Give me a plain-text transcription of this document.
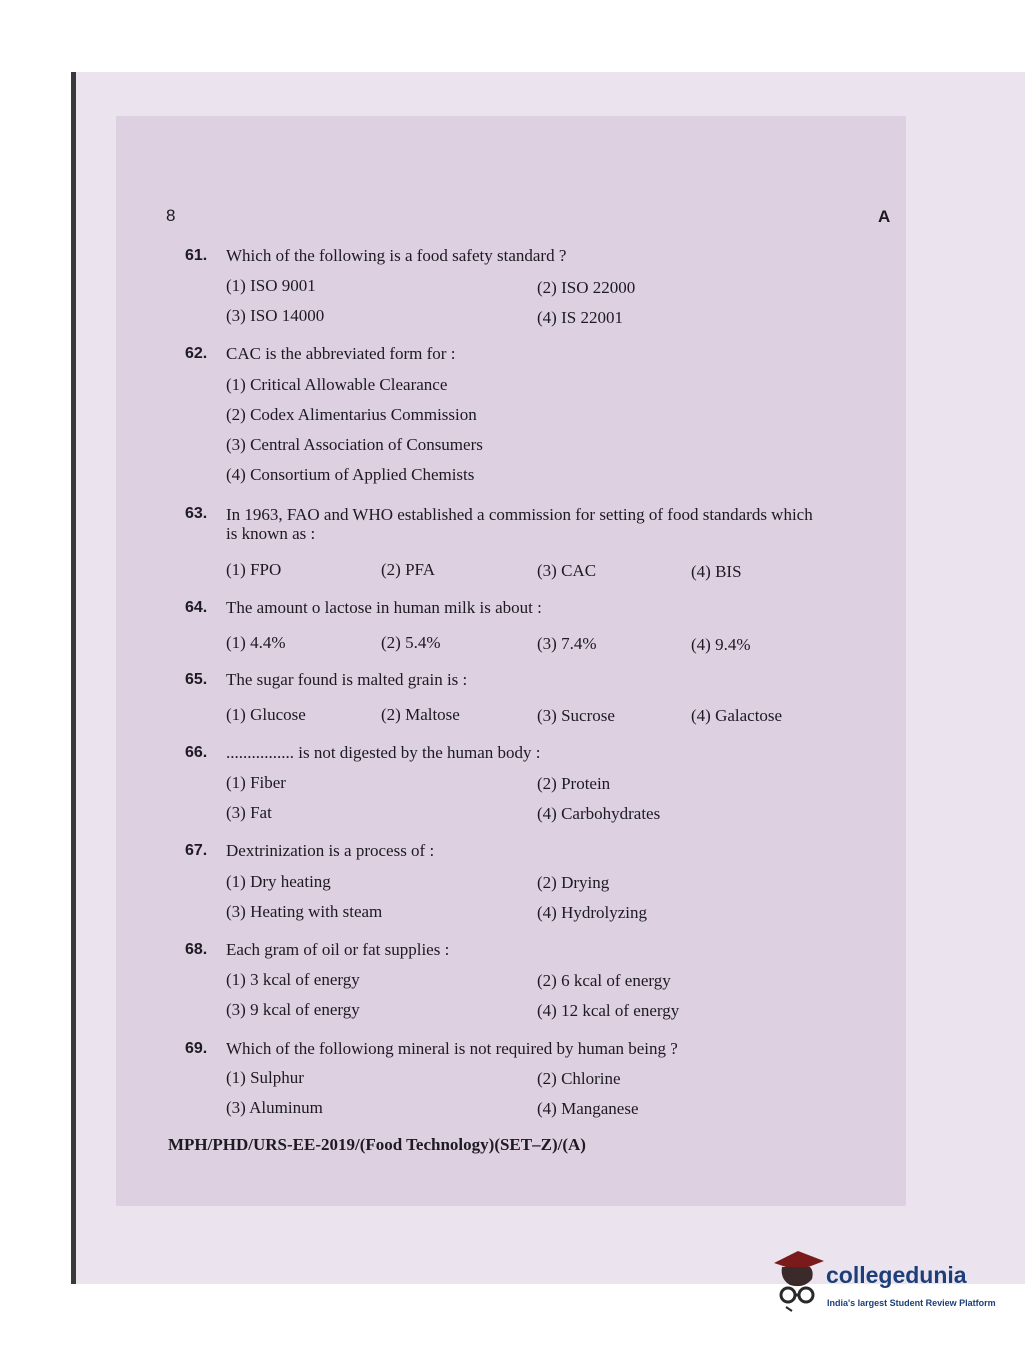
8	A
61. Which of the following is a food safety standard ?
(1) ISO 9001	(2) ISO 22000
(3) ISO 14000	(4) IS 22001
62. CAC is the abbreviated form for :
(1) Critical Allowable Clearance
(2) Codex Alimentarius Commission
(3) Central Association of Consumers
(4) Consortium of Applied Chemists
63. In 1963, FAO and WHO established a commission for setting of food standards which
is known as :
(1) FPO	(2) PFA	(3) CAC	(4) BIS
64. The amount o lactose in human milk is about :
(1) 4.4%	(2) 5.4%	(3) 7.4%	(4) 9.4%
65. The sugar found is malted grain is :
(1) Glucose	(2) Maltose	(3) Sucrose	(4) Galactose
66. ................ is not digested by the human body :
(1) Fiber	(2) Protein
(3) Fat	(4) Carbohydrates
67. Dextrinization is a process of :
(1) Dry heating	(2) Drying
(3) Heating with steam	(4) Hydrolyzing
68. Each gram of oil or fat supplies :
(1) 3 kcal of energy	(2) 6 kcal of energy
(3) 9 kcal of energy	(4) 12 kcal of energy
69. Which of the followiong mineral is not required by human being ?
(1) Sulphur	(2) Chlorine
(3) Aluminum	(4) Manganese
MPH/PHD/URS-EE-2019/(Food Technology)(SET–Z)/(A)
collegedunia
India's largest Student Review Platform
